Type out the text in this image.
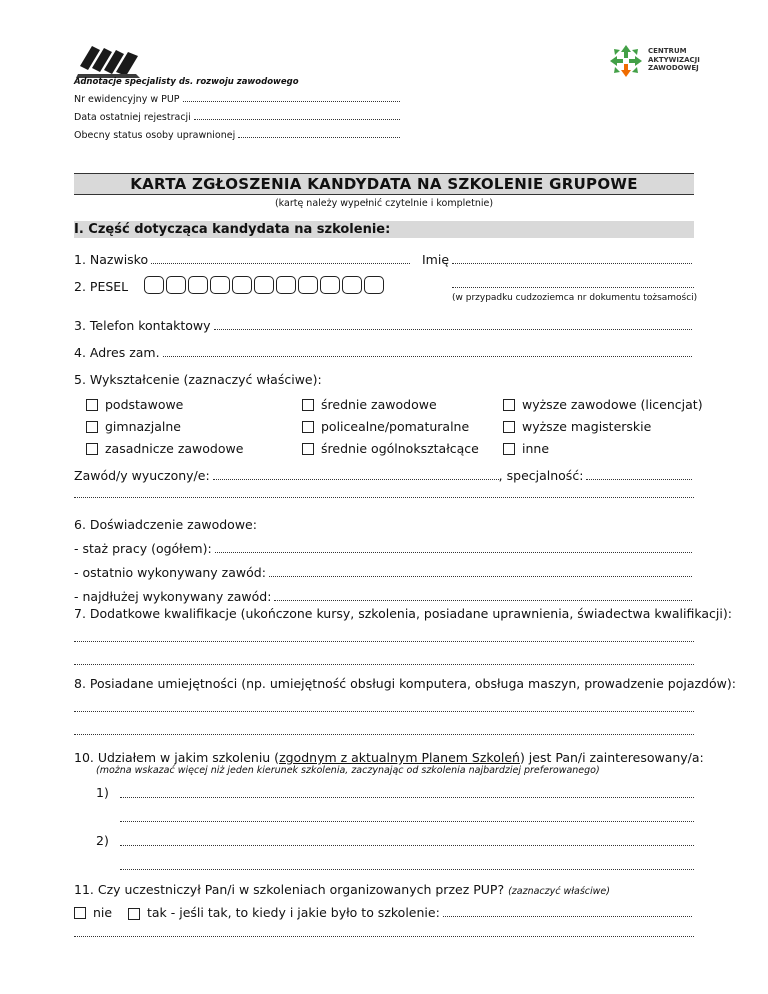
Adnotacje specjalisty ds. rozwoju zawodowego
Nr ewidencyjny w PUP
Data ostatniej rejestracji
Obecny status osoby uprawnionej
CENTRUM
AKTYWIZACJI
ZAWODOWEJ
KARTA ZGŁOSZENIA KANDYDATA NA SZKOLENIE GRUPOWE
(kartę należy wypełnić czytelnie i kompletnie)
I. Część dotycząca kandydata na szkolenie:
1. Nazwisko	Imię
2. PESEL
(w przypadku cudzoziemca nr dokumentu tożsamości)
3. Telefon kontaktowy
4. Adres zam.
5. Wykształcenie (zaznaczyć właściwe):
podstawowe	średnie zawodowe	wyższe zawodowe (licencjat)
gimnazjalne	policealne/pomaturalne	wyższe magisterskie
zasadnicze zawodowe	średnie ogólnokształcące	inne
Zawód/y wyuczony/e:	, specjalność:
6. Doświadczenie zawodowe:
- staż pracy (ogółem):
- ostatnio wykonywany zawód:
- najdłużej wykonywany zawód:
7. Dodatkowe kwalifikacje (ukończone kursy, szkolenia, posiadane uprawnienia, świadectwa kwalifikacji):
8. Posiadane umiejętności (np. umiejętność obsługi komputera, obsługa maszyn, prowadzenie pojazdów):
10. Udziałem w jakim szkoleniu (zgodnym z aktualnym Planem Szkoleń) jest Pan/i zainteresowany/a:
(można wskazać więcej niż jeden kierunek szkolenia, zaczynając od szkolenia najbardziej preferowanego)
1)
2)
11. Czy uczestniczył Pan/i w szkoleniach organizowanych przez PUP? (zaznaczyć właściwe)
nie	tak - jeśli tak, to kiedy i jakie było to szkolenie:
